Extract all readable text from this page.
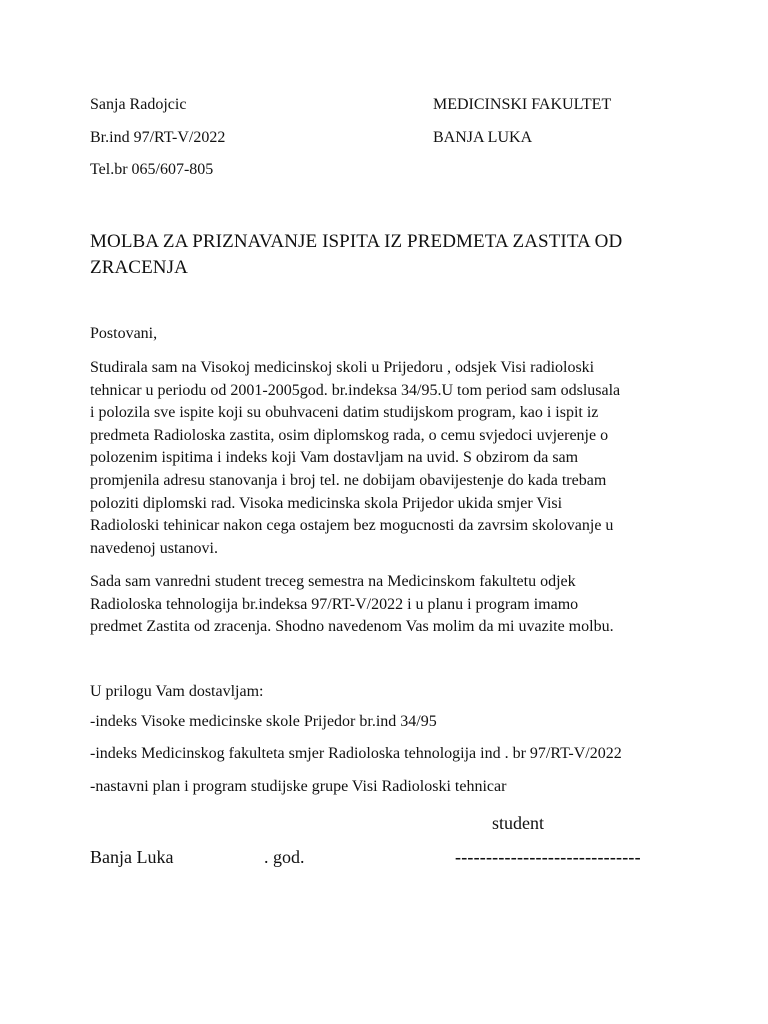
Sanja Radojcic
Br.ind 97/RT-V/2022
Tel.br 065/607-805
MEDICINSKI FAKULTET
BANJA LUKA
MOLBA ZA PRIZNAVANJE ISPITA IZ PREDMETA ZASTITA OD
ZRACENJA
Postovani,
Studirala sam na Visokoj medicinskoj skoli u Prijedoru , odsjek Visi radioloski
tehnicar u periodu od 2001-2005god. br.indeksa 34/95.U tom period sam odslusala
i polozila sve ispite koji su obuhvaceni datim studijskom program, kao i ispit iz
predmeta Radioloska zastita, osim diplomskog rada, o cemu svjedoci uvjerenje o
polozenim ispitima i indeks koji Vam dostavljam na uvid. S obzirom da sam
promjenila adresu stanovanja i broj tel. ne dobijam obavijestenje do kada trebam
poloziti diplomski rad. Visoka medicinska skola Prijedor ukida smjer Visi
Radioloski tehinicar nakon cega ostajem bez mogucnosti da zavrsim skolovanje u
navedenoj ustanovi.
Sada sam vanredni student treceg semestra na Medicinskom fakultetu odjek
Radioloska tehnologija br.indeksa 97/RT-V/2022 i u planu i program imamo
predmet Zastita od zracenja. Shodno navedenom Vas molim da mi uvazite molbu.
U prilogu Vam dostavljam:
-indeks Visoke medicinske skole Prijedor br.ind 34/95
-indeks Medicinskog fakulteta smjer Radioloska tehnologija ind . br 97/RT-V/2022
-nastavni plan i program studijske grupe Visi Radioloski tehnicar
student
Banja Luka	. god.	------------------------------
